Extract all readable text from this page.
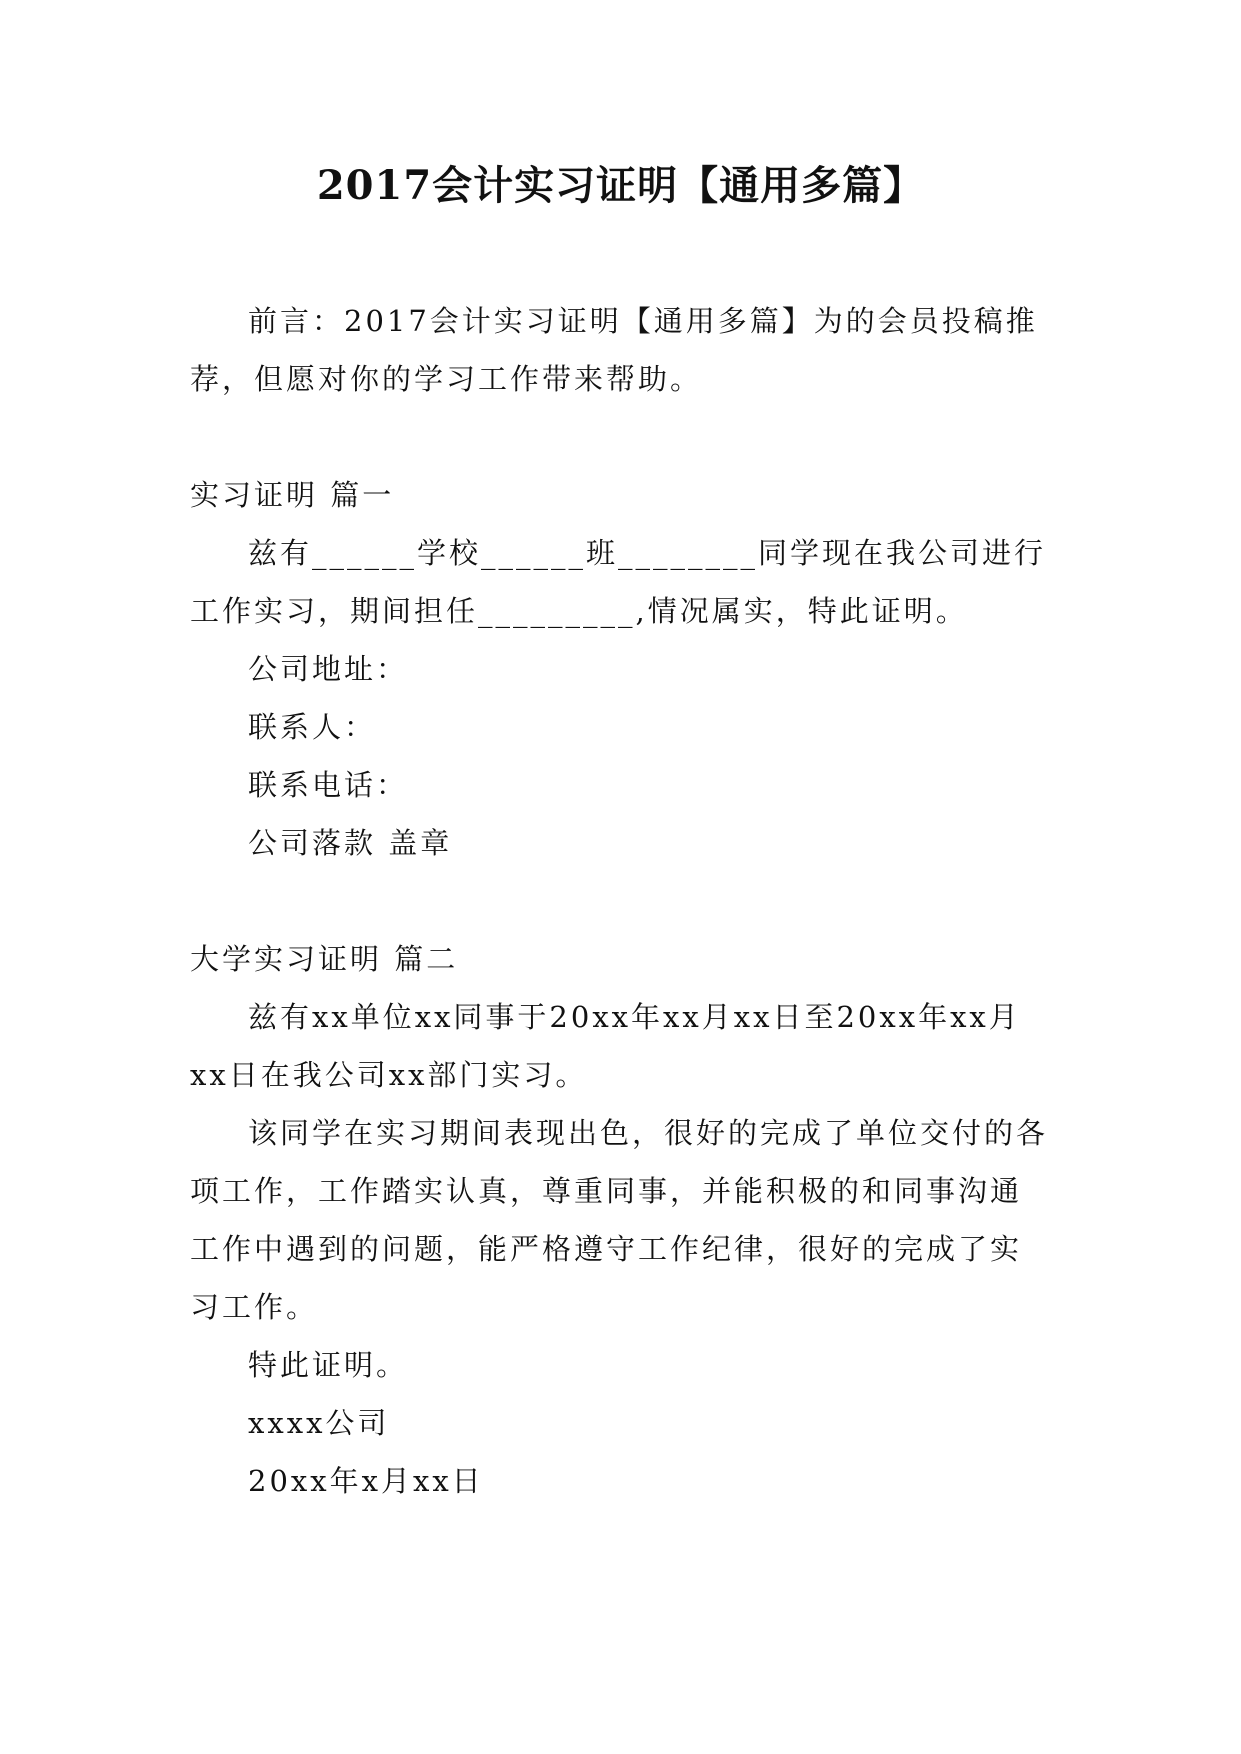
2017会计实习证明【通用多篇】

前言：2017会计实习证明【通用多篇】为的会员投稿推荐，但愿对你的学习工作带来帮助。

实习证明 篇一

兹有______学校______班________同学现在我公司进行工作实习，期间担任_________,情况属实，特此证明。

公司地址：

联系人：

联系电话：

公司落款 盖章

大学实习证明 篇二

兹有xx单位xx同事于20xx年xx月xx日至20xx年xx月xx日在我公司xx部门实习。

该同学在实习期间表现出色，很好的完成了单位交付的各项工作，工作踏实认真，尊重同事，并能积极的和同事沟通工作中遇到的问题，能严格遵守工作纪律，很好的完成了实习工作。

特此证明。

xxxx公司

20xx年x月xx日
